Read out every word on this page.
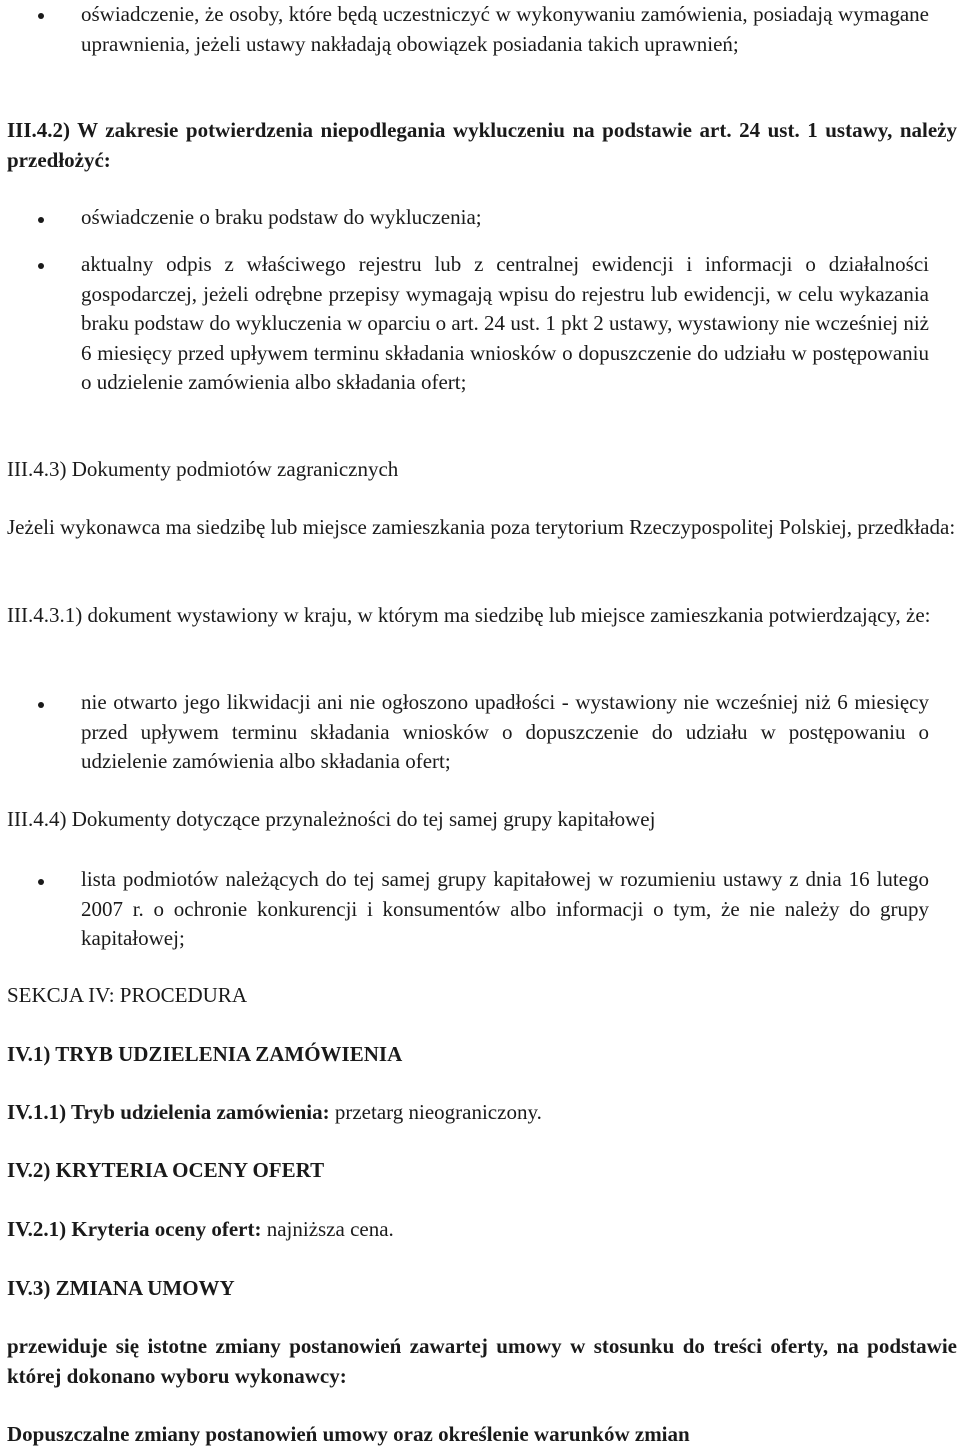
oświadczenie, że osoby, które będą uczestniczyć w wykonywaniu zamówienia, posiadają wymagane uprawnienia, jeżeli ustawy nakładają obowiązek posiadania takich uprawnień;

III.4.2) W zakresie potwierdzenia niepodlegania wykluczeniu na podstawie art. 24 ust. 1 ustawy, należy przedłożyć:

oświadczenie o braku podstaw do wykluczenia;

aktualny odpis z właściwego rejestru lub z centralnej ewidencji i informacji o działalności gospodarczej, jeżeli odrębne przepisy wymagają wpisu do rejestru lub ewidencji, w celu wykazania braku podstaw do wykluczenia w oparciu o art. 24 ust. 1 pkt 2 ustawy, wystawiony nie wcześniej niż 6 miesięcy przed upływem terminu składania wniosków o dopuszczenie do udziału w postępowaniu o udzielenie zamówienia albo składania ofert;

III.4.3) Dokumenty podmiotów zagranicznych

Jeżeli wykonawca ma siedzibę lub miejsce zamieszkania poza terytorium Rzeczypospolitej Polskiej, przedkłada:

III.4.3.1) dokument wystawiony w kraju, w którym ma siedzibę lub miejsce zamieszkania potwierdzający, że:

nie otwarto jego likwidacji ani nie ogłoszono upadłości - wystawiony nie wcześniej niż 6 miesięcy przed upływem terminu składania wniosków o dopuszczenie do udziału w postępowaniu o udzielenie zamówienia albo składania ofert;

III.4.4) Dokumenty dotyczące przynależności do tej samej grupy kapitałowej

lista podmiotów należących do tej samej grupy kapitałowej w rozumieniu ustawy z dnia 16 lutego 2007 r. o ochronie konkurencji i konsumentów albo informacji o tym, że nie należy do grupy kapitałowej;

SEKCJA IV: PROCEDURA

IV.1) TRYB UDZIELENIA ZAMÓWIENIA

IV.1.1) Tryb udzielenia zamówienia: przetarg nieograniczony.

IV.2) KRYTERIA OCENY OFERT

IV.2.1) Kryteria oceny ofert: najniższa cena.

IV.3) ZMIANA UMOWY

przewiduje się istotne zmiany postanowień zawartej umowy w stosunku do treści oferty, na podstawie której dokonano wyboru wykonawcy:

Dopuszczalne zmiany postanowień umowy oraz określenie warunków zmian
